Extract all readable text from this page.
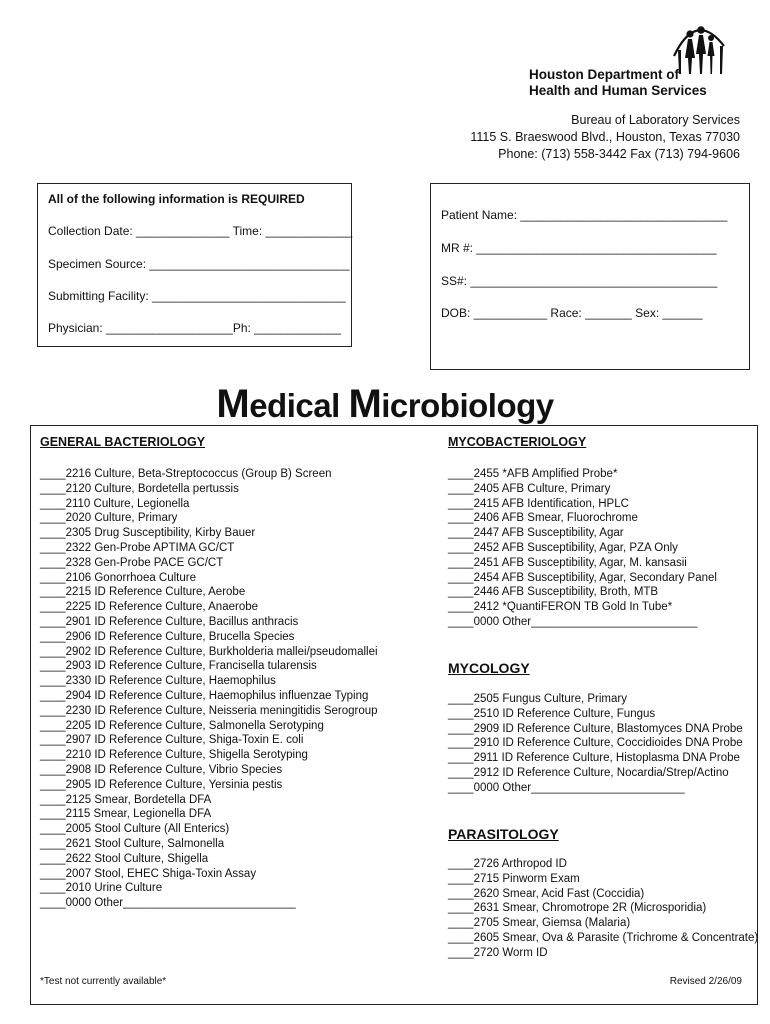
Houston Department of
Health and Human Services
Bureau of Laboratory Services
1115 S. Braeswood Blvd., Houston, Texas 77030
Phone: (713) 558-3442 Fax (713) 794-9606
All of the following information is REQUIRED
Collection Date: ______________ Time: _____________
Specimen Source: ______________________________
Submitting Facility: _____________________________
Physician: ___________________Ph: _____________
Patient Name: _______________________________
MR #: ____________________________________
SS#: _____________________________________
DOB: ___________ Race: _______ Sex: ______
Medical Microbiology
GENERAL BACTERIOLOGY
____2216 Culture, Beta-Streptococcus (Group B) Screen
____2120 Culture, Bordetella pertussis
____2110 Culture, Legionella
____2020 Culture, Primary
____2305 Drug Susceptibility, Kirby Bauer
____2322 Gen-Probe APTIMA GC/CT
____2328 Gen-Probe PACE GC/CT
____2106 Gonorrhoea Culture
____2215 ID Reference Culture, Aerobe
____2225 ID Reference Culture, Anaerobe
____2901 ID Reference Culture, Bacillus anthracis
____2906 ID Reference Culture, Brucella Species
____2902 ID Reference Culture, Burkholderia mallei/pseudomallei
____2903 ID Reference Culture, Francisella tularensis
____2330 ID Reference Culture, Haemophilus
____2904 ID Reference Culture, Haemophilus influenzae Typing
____2230 ID Reference Culture, Neisseria meningitidis Serogroup
____2205 ID Reference Culture, Salmonella Serotyping
____2907 ID Reference Culture, Shiga-Toxin E. coli
____2210 ID Reference Culture, Shigella Serotyping
____2908 ID Reference Culture, Vibrio Species
____2905 ID Reference Culture, Yersinia pestis
____2125 Smear, Bordetella DFA
____2115 Smear, Legionella DFA
____2005 Stool Culture (All Enterics)
____2621 Stool Culture, Salmonella
____2622 Stool Culture, Shigella
____2007 Stool, EHEC Shiga-Toxin Assay
____2010 Urine Culture
____0000 Other___________________________
MYCOBACTERIOLOGY
____2455 *AFB Amplified Probe*
____2405 AFB Culture, Primary
____2415 AFB Identification, HPLC
____2406 AFB Smear, Fluorochrome
____2447 AFB Susceptibility, Agar
____2452 AFB Susceptibility, Agar, PZA Only
____2451 AFB Susceptibility, Agar, M. kansasii
____2454 AFB Susceptibility, Agar, Secondary Panel
____2446 AFB Susceptibility, Broth, MTB
____2412 *QuantiFERON TB Gold In Tube*
____0000 Other__________________________
MYCOLOGY
____2505 Fungus Culture, Primary
____2510 ID Reference Culture, Fungus
____2909 ID Reference Culture, Blastomyces DNA Probe
____2910 ID Reference Culture, Coccidioides DNA Probe
____2911 ID Reference Culture, Histoplasma DNA Probe
____2912 ID Reference Culture, Nocardia/Strep/Actino
____0000 Other________________________
PARASITOLOGY
____2726 Arthropod ID
____2715 Pinworm Exam
____2620 Smear, Acid Fast (Coccidia)
____2631 Smear, Chromotrope 2R (Microsporidia)
____2705 Smear, Giemsa (Malaria)
____2605 Smear, Ova & Parasite (Trichrome & Concentrate)
____2720 Worm ID
*Test not currently available*	Revised 2/26/09
